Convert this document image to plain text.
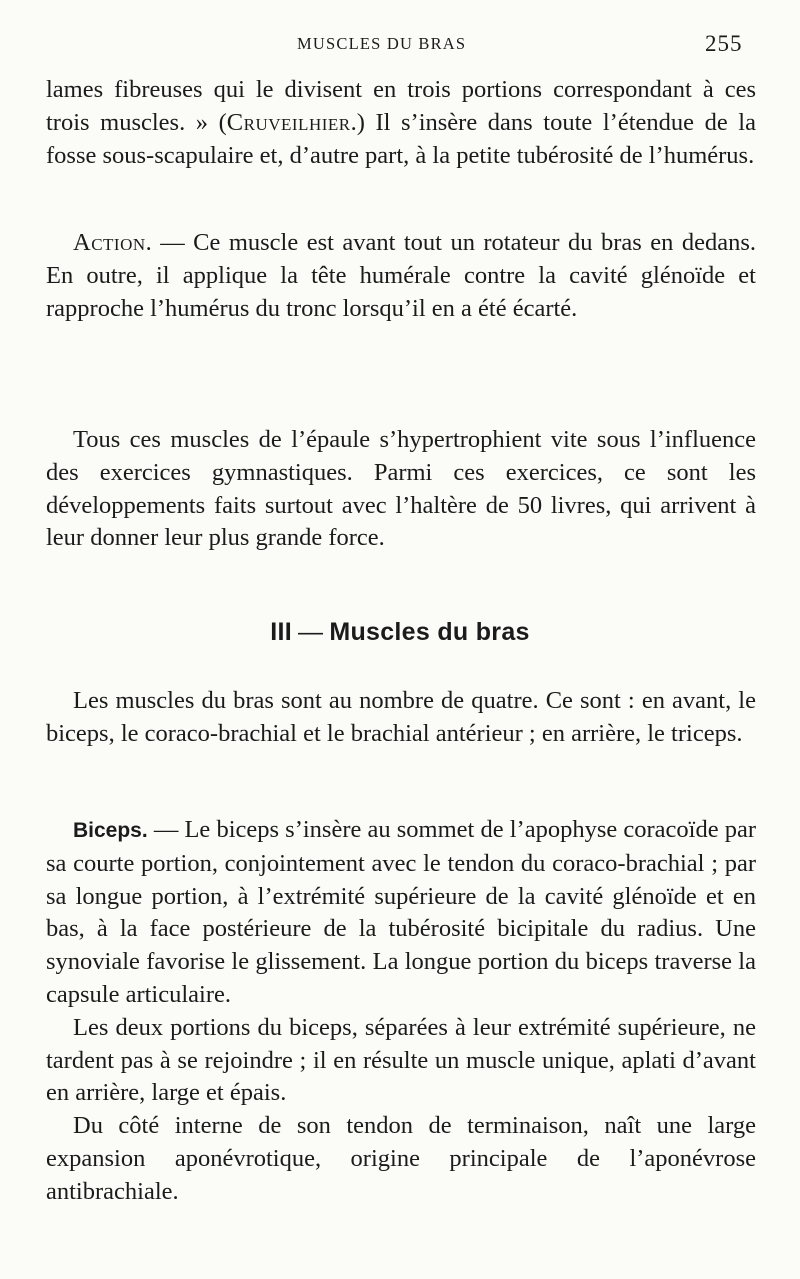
MUSCLES DU BRAS	255

lames fibreuses qui le divisent en trois portions correspondant à ces trois muscles. » (Cruveilhier.) Il s’insère dans toute l’étendue de la fosse sous-scapulaire et, d’autre part, à la petite tubérosité de l’humérus.

Action. — Ce muscle est avant tout un rotateur du bras en dedans. En outre, il applique la tête humérale contre la cavité glénoïde et rapproche l’humérus du tronc lorsqu’il en a été écarté.

Tous ces muscles de l’épaule s’hypertrophient vite sous l’influence des exercices gymnastiques. Parmi ces exercices, ce sont les développements faits surtout avec l’haltère de 50 livres, qui arrivent à leur donner leur plus grande force.

III — Muscles du bras

Les muscles du bras sont au nombre de quatre. Ce sont : en avant, le biceps, le coraco-brachial et le brachial antérieur ; en arrière, le triceps.

Biceps. — Le biceps s’insère au sommet de l’apophyse coracoïde par sa courte portion, conjointement avec le tendon du coraco-brachial ; par sa longue portion, à l’extrémité supérieure de la cavité glénoïde et en bas, à la face postérieure de la tubérosité bicipitale du radius. Une synoviale favorise le glissement. La longue portion du biceps traverse la capsule articulaire.

Les deux portions du biceps, séparées à leur extrémité supérieure, ne tardent pas à se rejoindre ; il en résulte un muscle unique, aplati d’avant en arrière, large et épais.

Du côté interne de son tendon de terminaison, naît une large expansion aponévrotique, origine principale de l’aponévrose antibrachiale.
